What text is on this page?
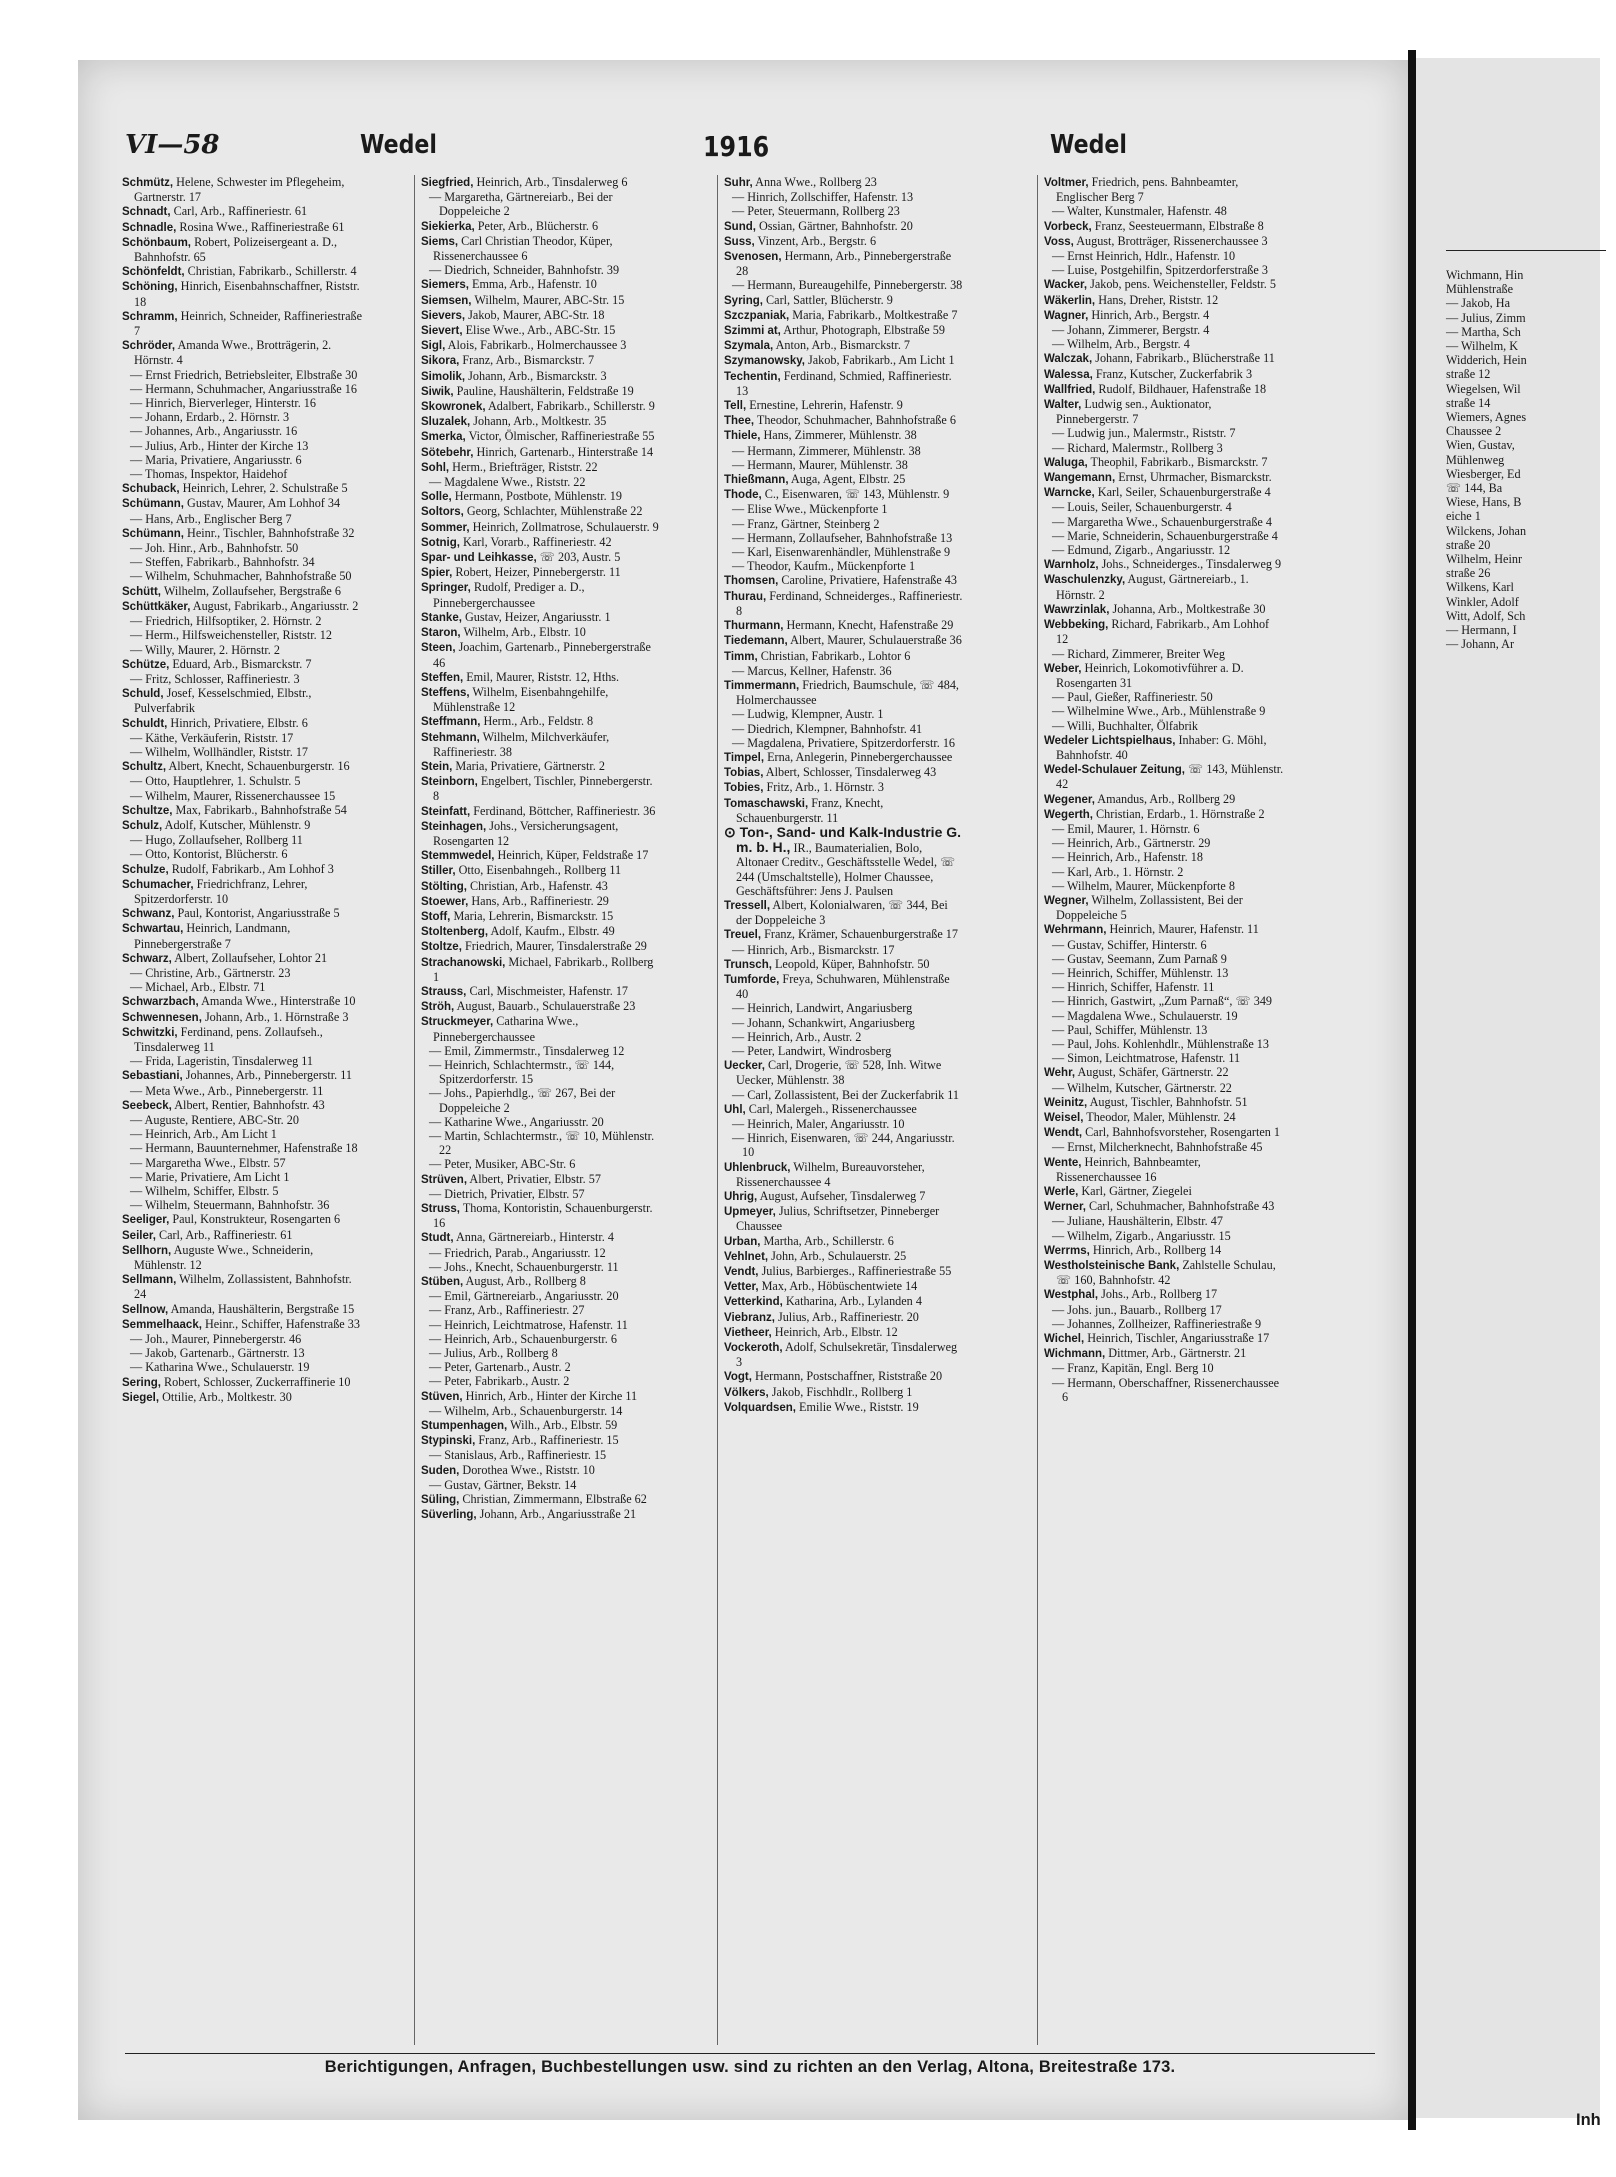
Wichmann, Hin
Mühlenstraße
— Jakob, Ha
— Julius, Zimm
— Martha, Sch
— Wilhelm, K
Widderich, Hein
straße 12
Wiegelsen, Wil
straße 14
Wiemers, Agnes
Chaussee 2
Wien, Gustav,
Mühlenweg
Wiesberger, Ed
☏ 144, Ba
Wiese, Hans, B
eiche 1
Wilckens, Johan
straße 20
Wilhelm, Heinr
straße 26
Wilkens, Karl
Winkler, Adolf
Witt, Adolf, Sch
— Hermann, I
— Johann, Ar
Inh
VI—58	Wedel	1916	Wedel

Schmütz, Helene, Schwester im Pflegeheim, Gartnerstr. 17

Schnadt, Carl, Arb., Raffineriestr. 61

Schnadle, Rosina Wwe., Raffineriestraße 61

Schönbaum, Robert, Polizeisergeant a. D., Bahnhofstr. 65

Schönfeldt, Christian, Fabrikarb., Schillerstr. 4

Schöning, Hinrich, Eisenbahnschaffner, Riststr. 18

Schramm, Heinrich, Schneider, Raffineriestraße 7

Schröder, Amanda Wwe., Brotträgerin, 2. Hörnstr. 4

— Ernst Friedrich, Betriebsleiter, Elbstraße 30

— Hermann, Schuhmacher, Angariusstraße 16

— Hinrich, Bierverleger, Hinterstr. 16

— Johann, Erdarb., 2. Hörnstr. 3

— Johannes, Arb., Angariusstr. 16

— Julius, Arb., Hinter der Kirche 13

— Maria, Privatiere, Angariusstr. 6

— Thomas, Inspektor, Haidehof

Schuback, Heinrich, Lehrer, 2. Schulstraße 5

Schümann, Gustav, Maurer, Am Lohhof 34

— Hans, Arb., Englischer Berg 7

Schümann, Heinr., Tischler, Bahnhofstraße 32

— Joh. Hinr., Arb., Bahnhofstr. 50

— Steffen, Fabrikarb., Bahnhofstr. 34

— Wilhelm, Schuhmacher, Bahnhofstraße 50

Schütt, Wilhelm, Zollaufseher, Bergstraße 6

Schüttkäker, August, Fabrikarb., Angariusstr. 2

— Friedrich, Hilfsoptiker, 2. Hörnstr. 2

— Herm., Hilfsweichensteller, Riststr. 12

— Willy, Maurer, 2. Hörnstr. 2

Schütze, Eduard, Arb., Bismarckstr. 7

— Fritz, Schlosser, Raffineriestr. 3

Schuld, Josef, Kesselschmied, Elbstr., Pulverfabrik

Schuldt, Hinrich, Privatiere, Elbstr. 6

— Käthe, Verkäuferin, Riststr. 17

— Wilhelm, Wollhändler, Riststr. 17

Schultz, Albert, Knecht, Schauenburgerstr. 16

— Otto, Hauptlehrer, 1. Schulstr. 5

— Wilhelm, Maurer, Rissenerchaussee 15

Schultze, Max, Fabrikarb., Bahnhofstraße 54

Schulz, Adolf, Kutscher, Mühlenstr. 9

— Hugo, Zollaufseher, Rollberg 11

— Otto, Kontorist, Blücherstr. 6

Schulze, Rudolf, Fabrikarb., Am Lohhof 3

Schumacher, Friedrichfranz, Lehrer, Spitzerdorferstr. 10

Schwanz, Paul, Kontorist, Angariusstraße 5

Schwartau, Heinrich, Landmann, Pinnebergerstraße 7

Schwarz, Albert, Zollaufseher, Lohtor 21

— Christine, Arb., Gärtnerstr. 23

— Michael, Arb., Elbstr. 71

Schwarzbach, Amanda Wwe., Hinterstraße 10

Schwennesen, Johann, Arb., 1. Hörnstraße 3

Schwitzki, Ferdinand, pens. Zollaufseh., Tinsdalerweg 11

— Frida, Lageristin, Tinsdalerweg 11

Sebastiani, Johannes, Arb., Pinnebergerstr. 11

— Meta Wwe., Arb., Pinnebergerstr. 11

Seebeck, Albert, Rentier, Bahnhofstr. 43

— Auguste, Rentiere, ABC-Str. 20

— Heinrich, Arb., Am Licht 1

— Hermann, Bauunternehmer, Hafenstraße 18

— Margaretha Wwe., Elbstr. 57

— Marie, Privatiere, Am Licht 1

— Wilhelm, Schiffer, Elbstr. 5

— Wilhelm, Steuermann, Bahnhofstr. 36

Seeliger, Paul, Konstrukteur, Rosengarten 6

Seiler, Carl, Arb., Raffineriestr. 61

Sellhorn, Auguste Wwe., Schneiderin, Mühlenstr. 12

Sellmann, Wilhelm, Zollassistent, Bahnhofstr. 24

Sellnow, Amanda, Haushälterin, Bergstraße 15

Semmelhaack, Heinr., Schiffer, Hafenstraße 33

— Joh., Maurer, Pinnebergerstr. 46

— Jakob, Gartenarb., Gärtnerstr. 13

— Katharina Wwe., Schulauerstr. 19

Sering, Robert, Schlosser, Zuckerraffinerie 10

Siegel, Ottilie, Arb., Moltkestr. 30

Siegfried, Heinrich, Arb., Tinsdalerweg 6

— Margaretha, Gärtnereiarb., Bei der Doppeleiche 2

Siekierka, Peter, Arb., Blücherstr. 6

Siems, Carl Christian Theodor, Küper, Rissenerchaussee 6

— Diedrich, Schneider, Bahnhofstr. 39

Siemers, Emma, Arb., Hafenstr. 10

Siemsen, Wilhelm, Maurer, ABC-Str. 15

Sievers, Jakob, Maurer, ABC-Str. 18

Sievert, Elise Wwe., Arb., ABC-Str. 15

Sigl, Alois, Fabrikarb., Holmerchaussee 3

Sikora, Franz, Arb., Bismarckstr. 7

Simolik, Johann, Arb., Bismarckstr. 3

Siwik, Pauline, Haushälterin, Feldstraße 19

Skowronek, Adalbert, Fabrikarb., Schillerstr. 9

Sluzalek, Johann, Arb., Moltkestr. 35

Smerka, Victor, Ölmischer, Raffineriestraße 55

Sötebehr, Hinrich, Gartenarb., Hinterstraße 14

Sohl, Herm., Briefträger, Riststr. 22

— Magdalene Wwe., Riststr. 22

Solle, Hermann, Postbote, Mühlenstr. 19

Soltors, Georg, Schlachter, Mühlenstraße 22

Sommer, Heinrich, Zollmatrose, Schulauerstr. 9

Sotnig, Karl, Vorarb., Raffineriestr. 42

Spar- und Leihkasse, ☏ 203, Austr. 5

Spier, Robert, Heizer, Pinnebergerstr. 11

Springer, Rudolf, Prediger a. D., Pinnebergerchaussee

Stanke, Gustav, Heizer, Angariusstr. 1

Staron, Wilhelm, Arb., Elbstr. 10

Steen, Joachim, Gartenarb., Pinnebergerstraße 46

Steffen, Emil, Maurer, Riststr. 12, Hths.

Steffens, Wilhelm, Eisenbahngehilfe, Mühlenstraße 12

Steffmann, Herm., Arb., Feldstr. 8

Stehmann, Wilhelm, Milchverkäufer, Raffineriestr. 38

Stein, Maria, Privatiere, Gärtnerstr. 2

Steinborn, Engelbert, Tischler, Pinnebergerstr. 8

Steinfatt, Ferdinand, Böttcher, Raffineriestr. 36

Steinhagen, Johs., Versicherungsagent, Rosengarten 12

Stemmwedel, Heinrich, Küper, Feldstraße 17

Stiller, Otto, Eisenbahngeh., Rollberg 11

Stölting, Christian, Arb., Hafenstr. 43

Stoewer, Hans, Arb., Raffineriestr. 29

Stoff, Maria, Lehrerin, Bismarckstr. 15

Stoltenberg, Adolf, Kaufm., Elbstr. 49

Stoltze, Friedrich, Maurer, Tinsdalerstraße 29

Strachanowski, Michael, Fabrikarb., Rollberg 1

Strauss, Carl, Mischmeister, Hafenstr. 17

Ströh, August, Bauarb., Schulauerstraße 23

Struckmeyer, Catharina Wwe., Pinnebergerchaussee

— Emil, Zimmermstr., Tinsdalerweg 12

— Heinrich, Schlachtermstr., ☏ 144, Spitzerdorferstr. 15

— Johs., Papierhdlg., ☏ 267, Bei der Doppeleiche 2

— Katharine Wwe., Angariusstr. 20

— Martin, Schlachtermstr., ☏ 10, Mühlenstr. 22

— Peter, Musiker, ABC-Str. 6

Strüven, Albert, Privatier, Elbstr. 57

— Dietrich, Privatier, Elbstr. 57

Struss, Thoma, Kontoristin, Schauenburgerstr. 16

Studt, Anna, Gärtnereiarb., Hinterstr. 4

— Friedrich, Parab., Angariusstr. 12

— Johs., Knecht, Schauenburgerstr. 11

Stüben, August, Arb., Rollberg 8

— Emil, Gärtnereiarb., Angariusstr. 20

— Franz, Arb., Raffineriestr. 27

— Heinrich, Leichtmatrose, Hafenstr. 11

— Heinrich, Arb., Schauenburgerstr. 6

— Julius, Arb., Rollberg 8

— Peter, Gartenarb., Austr. 2

— Peter, Fabrikarb., Austr. 2

Stüven, Hinrich, Arb., Hinter der Kirche 11

— Wilhelm, Arb., Schauenburgerstr. 14

Stumpenhagen, Wilh., Arb., Elbstr. 59

Stypinski, Franz, Arb., Raffineriestr. 15

— Stanislaus, Arb., Raffineriestr. 15

Suden, Dorothea Wwe., Riststr. 10

— Gustav, Gärtner, Bekstr. 14

Süling, Christian, Zimmermann, Elbstraße 62

Süverling, Johann, Arb., Angariusstraße 21

Suhr, Anna Wwe., Rollberg 23

— Hinrich, Zollschiffer, Hafenstr. 13

— Peter, Steuermann, Rollberg 23

Sund, Ossian, Gärtner, Bahnhofstr. 20

Suss, Vinzent, Arb., Bergstr. 6

Svenosen, Hermann, Arb., Pinnebergerstraße 28

— Hermann, Bureaugehilfe, Pinnebergerstr. 38

Syring, Carl, Sattler, Blücherstr. 9

Szczpaniak, Maria, Fabrikarb., Moltkestraße 7

Szimmi at, Arthur, Photograph, Elbstraße 59

Szymala, Anton, Arb., Bismarckstr. 7

Szymanowsky, Jakob, Fabrikarb., Am Licht 1

Techentin, Ferdinand, Schmied, Raffineriestr. 13

Tell, Ernestine, Lehrerin, Hafenstr. 9

Thee, Theodor, Schuhmacher, Bahnhofstraße 6

Thiele, Hans, Zimmerer, Mühlenstr. 38

— Hermann, Zimmerer, Mühlenstr. 38

— Hermann, Maurer, Mühlenstr. 38

Thießmann, Auga, Agent, Elbstr. 25

Thode, C., Eisenwaren, ☏ 143, Mühlenstr. 9

— Elise Wwe., Mückenpforte 1

— Franz, Gärtner, Steinberg 2

— Hermann, Zollaufseher, Bahnhofstraße 13

— Karl, Eisenwarenhändler, Mühlenstraße 9

— Theodor, Kaufm., Mückenpforte 1

Thomsen, Caroline, Privatiere, Hafenstraße 43

Thurau, Ferdinand, Schneiderges., Raffineriestr. 8

Thurmann, Hermann, Knecht, Hafenstraße 29

Tiedemann, Albert, Maurer, Schulauerstraße 36

Timm, Christian, Fabrikarb., Lohtor 6

— Marcus, Kellner, Hafenstr. 36

Timmermann, Friedrich, Baumschule, ☏ 484, Holmerchaussee

— Ludwig, Klempner, Austr. 1

— Diedrich, Klempner, Bahnhofstr. 41

— Magdalena, Privatiere, Spitzerdorferstr. 16

Timpel, Erna, Anlegerin, Pinnebergerchaussee

Tobias, Albert, Schlosser, Tinsdalerweg 43

Tobies, Fritz, Arb., 1. Hörnstr. 3

Tomaschawski, Franz, Knecht, Schauenburgerstr. 11

⊙ Ton-, Sand- und Kalk-Industrie G. m. b. H., IR., Baumaterialien, Bolo, Altonaer Creditv., Geschäftsstelle Wedel, ☏ 244 (Umschaltstelle), Holmer Chaussee, Geschäftsführer: Jens J. Paulsen

Tressell, Albert, Kolonialwaren, ☏ 344, Bei der Doppeleiche 3

Treuel, Franz, Krämer, Schauenburgerstraße 17

— Hinrich, Arb., Bismarckstr. 17

Trunsch, Leopold, Küper, Bahnhofstr. 50

Tumforde, Freya, Schuhwaren, Mühlenstraße 40

— Heinrich, Landwirt, Angariusberg

— Johann, Schankwirt, Angariusberg

— Heinrich, Arb., Austr. 2

— Peter, Landwirt, Windrosberg

Uecker, Carl, Drogerie, ☏ 528, Inh. Witwe Uecker, Mühlenstr. 38

— Carl, Zollassistent, Bei der Zuckerfabrik 11

Uhl, Carl, Malergeh., Rissenerchaussee

— Heinrich, Maler, Angariusstr. 10

— Hinrich, Eisenwaren, ☏ 244, Angariusstr. 10

Uhlenbruck, Wilhelm, Bureauvorsteher, Rissenerchaussee 4

Uhrig, August, Aufseher, Tinsdalerweg 7

Upmeyer, Julius, Schriftsetzer, Pinneberger Chaussee

Urban, Martha, Arb., Schillerstr. 6

Vehlnet, John, Arb., Schulauerstr. 25

Vendt, Julius, Barbierges., Raffineriestraße 55

Vetter, Max, Arb., Höbüschentwiete 14

Vetterkind, Katharina, Arb., Lylanden 4

Viebranz, Julius, Arb., Raffineriestr. 20

Vietheer, Heinrich, Arb., Elbstr. 12

Vockeroth, Adolf, Schulsekretär, Tinsdalerweg 3

Vogt, Hermann, Postschaffner, Riststraße 20

Völkers, Jakob, Fischhdlr., Rollberg 1

Volquardsen, Emilie Wwe., Riststr. 19

Voltmer, Friedrich, pens. Bahnbeamter, Englischer Berg 7

— Walter, Kunstmaler, Hafenstr. 48

Vorbeck, Franz, Seesteuermann, Elbstraße 8

Voss, August, Brotträger, Rissenerchaussee 3

— Ernst Heinrich, Hdlr., Hafenstr. 10

— Luise, Postgehilfin, Spitzerdorferstraße 3

Wacker, Jakob, pens. Weichensteller, Feldstr. 5

Wäkerlin, Hans, Dreher, Riststr. 12

Wagner, Hinrich, Arb., Bergstr. 4

— Johann, Zimmerer, Bergstr. 4

— Wilhelm, Arb., Bergstr. 4

Walczak, Johann, Fabrikarb., Blücherstraße 11

Walessa, Franz, Kutscher, Zuckerfabrik 3

Wallfried, Rudolf, Bildhauer, Hafenstraße 18

Walter, Ludwig sen., Auktionator, Pinnebergerstr. 7

— Ludwig jun., Malermstr., Riststr. 7

— Richard, Malermstr., Rollberg 3

Waluga, Theophil, Fabrikarb., Bismarckstr. 7

Wangemann, Ernst, Uhrmacher, Bismarckstr.

Warncke, Karl, Seiler, Schauenburgerstraße 4

— Louis, Seiler, Schauenburgerstr. 4

— Margaretha Wwe., Schauenburgerstraße 4

— Marie, Schneiderin, Schauenburgerstraße 4

— Edmund, Zigarb., Angariusstr. 12

Warnholz, Johs., Schneiderges., Tinsdalerweg 9

Waschulenzky, August, Gärtnereiarb., 1. Hörnstr. 2

Wawrzinlak, Johanna, Arb., Moltkestraße 30

Webbeking, Richard, Fabrikarb., Am Lohhof 12

— Richard, Zimmerer, Breiter Weg

Weber, Heinrich, Lokomotivführer a. D. Rosengarten 31

— Paul, Gießer, Raffineriestr. 50

— Wilhelmine Wwe., Arb., Mühlenstraße 9

— Willi, Buchhalter, Ölfabrik

Wedeler Lichtspielhaus, Inhaber: G. Möhl, Bahnhofstr. 40

Wedel-Schulauer Zeitung, ☏ 143, Mühlenstr. 42

Wegener, Amandus, Arb., Rollberg 29

Wegerth, Christian, Erdarb., 1. Hörnstraße 2

— Emil, Maurer, 1. Hörnstr. 6

— Heinrich, Arb., Gärtnerstr. 29

— Heinrich, Arb., Hafenstr. 18

— Karl, Arb., 1. Hörnstr. 2

— Wilhelm, Maurer, Mückenpforte 8

Wegner, Wilhelm, Zollassistent, Bei der Doppeleiche 5

Wehrmann, Heinrich, Maurer, Hafenstr. 11

— Gustav, Schiffer, Hinterstr. 6

— Gustav, Seemann, Zum Parnaß 9

— Heinrich, Schiffer, Mühlenstr. 13

— Hinrich, Schiffer, Hafenstr. 11

— Hinrich, Gastwirt, „Zum Parnaß“, ☏ 349

— Magdalena Wwe., Schulauerstr. 19

— Paul, Schiffer, Mühlenstr. 13

— Paul, Johs. Kohlenhdlr., Mühlenstraße 13

— Simon, Leichtmatrose, Hafenstr. 11

Wehr, August, Schäfer, Gärtnerstr. 22

— Wilhelm, Kutscher, Gärtnerstr. 22

Weinitz, August, Tischler, Bahnhofstr. 51

Weisel, Theodor, Maler, Mühlenstr. 24

Wendt, Carl, Bahnhofsvorsteher, Rosengarten 1

— Ernst, Milcherknecht, Bahnhofstraße 45

Wente, Heinrich, Bahnbeamter, Rissenerchaussee 16

Werle, Karl, Gärtner, Ziegelei

Werner, Carl, Schuhmacher, Bahnhofstraße 43

— Juliane, Haushälterin, Elbstr. 47

— Wilhelm, Zigarb., Angariusstr. 15

Werrms, Hinrich, Arb., Rollberg 14

Westholsteinische Bank, Zahlstelle Schulau, ☏ 160, Bahnhofstr. 42

Westphal, Johs., Arb., Rollberg 17

— Johs. jun., Bauarb., Rollberg 17

— Johannes, Zollheizer, Raffineriestraße 9

Wichel, Heinrich, Tischler, Angariusstraße 17

Wichmann, Dittmer, Arb., Gärtnerstr. 21

— Franz, Kapitän, Engl. Berg 10

— Hermann, Oberschaffner, Rissenerchaussee 6

Berichtigungen, Anfragen, Buchbestellungen usw. sind zu richten an den Verlag, Altona, Breitestraße 173.
